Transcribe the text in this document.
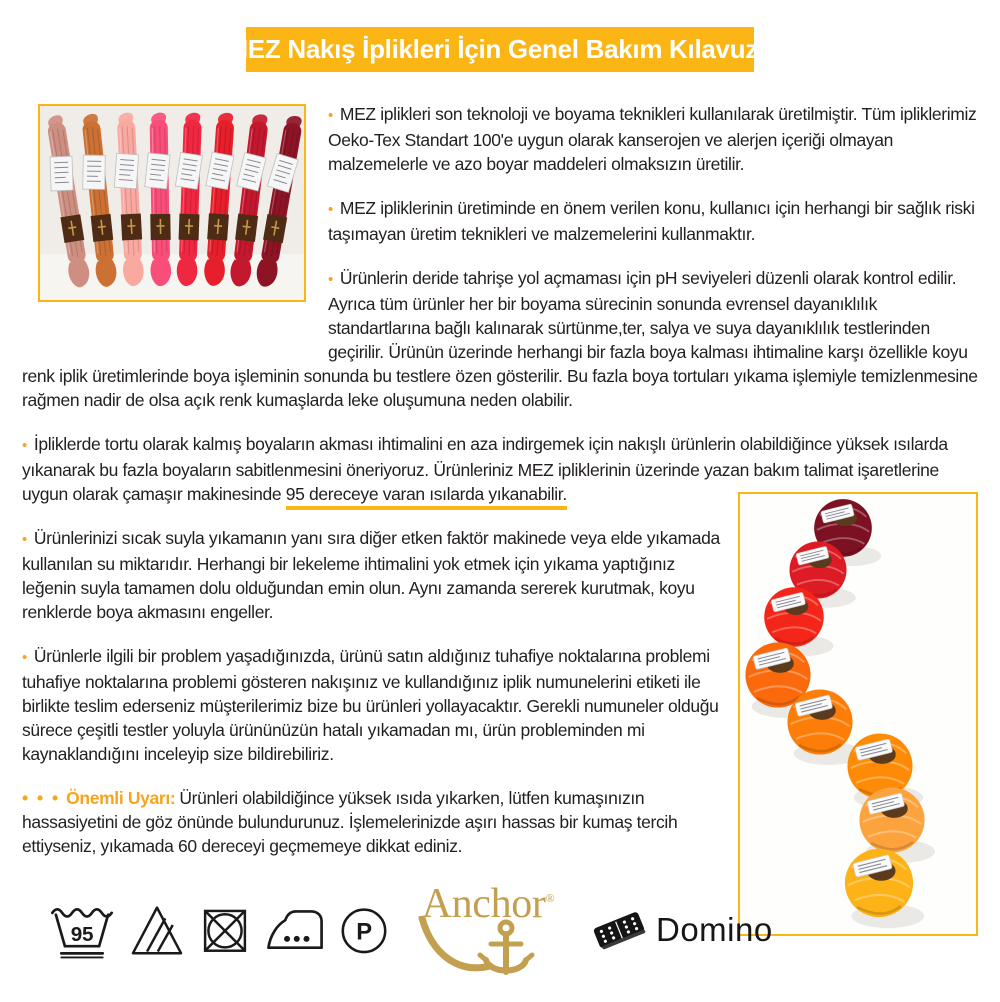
MEZ Nakış İplikleri İçin Genel Bakım Kılavuzu

• MEZ iplikleri son teknoloji ve boyama teknikleri kullanılarak üretilmiştir. Tüm ipliklerimiz Oeko-Tex Standart 100'e uygun olarak kanserojen ve alerjen içeriği olmayan malzemelerle ve azo boyar maddeleri olmaksızın üretilir.

• MEZ ipliklerinin üretiminde en önem verilen konu, kullanıcı için herhangi bir sağlık riski taşımayan üretim teknikleri ve malzemelerini kullanmaktır.

• Ürünlerin deride tahrişe yol açmaması için pH seviyeleri düzenli olarak kontrol edilir. Ayrıca tüm ürünler her bir boyama sürecinin sonunda evrensel dayanıklılık standartlarına bağlı kalınarak sürtünme,ter, salya ve suya dayanıklılık testlerinden geçirilir. Ürünün üzerinde herhangi bir fazla boya kalması ihtimaline karşı özellikle koyu renk iplik üretimlerinde boya işleminin sonunda bu testlere özen gösterilir. Bu fazla boya tortuları yıkama işlemiyle temizlenmesine rağmen nadir de olsa açık renk kumaşlarda leke oluşumuna neden olabilir.

• İpliklerde tortu olarak kalmış boyaların akması ihtimalini en aza indirgemek için nakışlı ürünlerin olabildiğince yüksek ısılarda yıkanarak bu fazla boyaların sabitlenmesini öneriyoruz. Ürünleriniz MEZ ipliklerinin üzerinde yazan bakım talimat işaretlerine uygun olarak çamaşır makinesinde 95 dereceye varan ısılarda yıkanabilir.

• Ürünlerinizi sıcak suyla yıkamanın yanı sıra diğer etken faktör makinede veya elde yıkamada kullanılan su miktarıdır. Herhangi bir lekeleme ihtimalini yok etmek için yıkama yaptığınız leğenin suyla tamamen dolu olduğundan emin olun. Aynı zamanda sererek kurutmak, koyu renklerde boya akmasını engeller.

• Ürünlerle ilgili bir problem yaşadığınızda, ürünü satın aldığınız tuhafiye noktalarına problemi tuhafiye noktalarına problemi gösteren nakışınız ve kullandığınız iplik numunelerini etiketi ile birlikte teslim ederseniz müşterilerimiz bize bu ürünleri yollayacaktır. Gerekli numuneler olduğu sürece çeşitli testler yoluyla ürününüzün hatalı yıkamadan mı, ürün probleminden mi kaynaklandığını inceleyip size bildirebiliriz.

• • • Önemli Uyarı: Ürünleri olabildiğince yüksek ısıda yıkarken, lütfen kumaşınızın hassasiyetini de göz önünde bulundurunuz. İşlemelerinizde aşırı hassas bir kumaş tercih ettiyseniz, yıkamada 60 dereceyi geçmemeye dikkat ediniz.

95	P
Anchor®
Domino
